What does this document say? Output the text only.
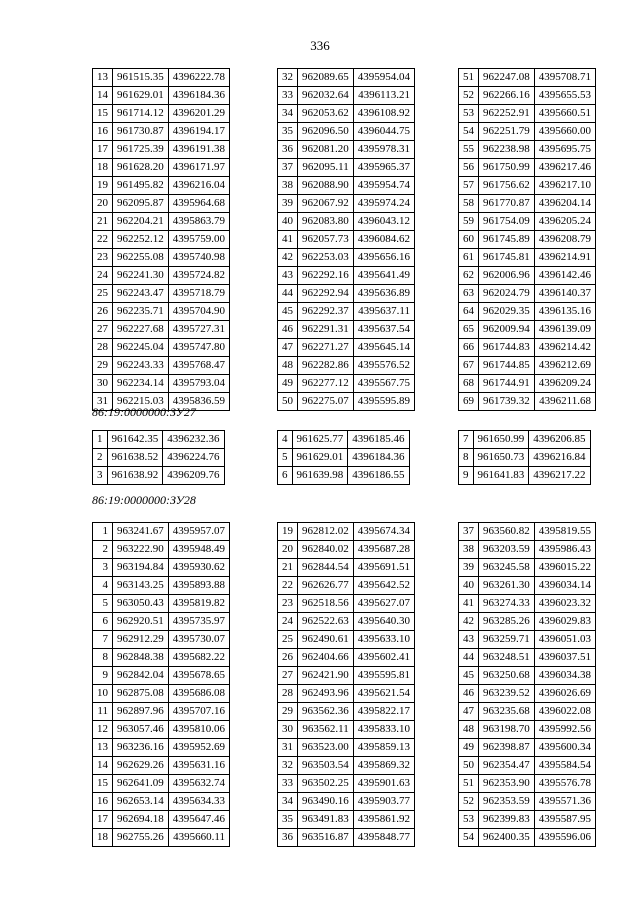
336
86:19:0000000:ЗУ27
86:19:0000000:ЗУ28
13	961515.35	4396222.78
14	961629.01	4396184.36
15	961714.12	4396201.29
16	961730.87	4396194.17
17	961725.39	4396191.38
18	961628.20	4396171.97
19	961495.82	4396216.04
20	962095.87	4395964.68
21	962204.21	4395863.79
22	962252.12	4395759.00
23	962255.08	4395740.98
24	962241.30	4395724.82
25	962243.47	4395718.79
26	962235.71	4395704.90
27	962227.68	4395727.31
28	962245.04	4395747.80
29	962243.33	4395768.47
30	962234.14	4395793.04
31	962215.03	4395836.59
32	962089.65	4395954.04
33	962032.64	4396113.21
34	962053.62	4396108.92
35	962096.50	4396044.75
36	962081.20	4395978.31
37	962095.11	4395965.37
38	962088.90	4395954.74
39	962067.92	4395974.24
40	962083.80	4396043.12
41	962057.73	4396084.62
42	962253.03	4395656.16
43	962292.16	4395641.49
44	962292.94	4395636.89
45	962292.37	4395637.11
46	962291.31	4395637.54
47	962271.27	4395645.14
48	962282.86	4395576.52
49	962277.12	4395567.75
50	962275.07	4395595.89
51	962247.08	4395708.71
52	962266.16	4395655.53
53	962252.91	4395660.51
54	962251.79	4395660.00
55	962238.98	4395695.75
56	961750.99	4396217.46
57	961756.62	4396217.10
58	961770.87	4396204.14
59	961754.09	4396205.24
60	961745.89	4396208.79
61	961745.81	4396214.91
62	962006.96	4396142.46
63	962024.79	4396140.37
64	962029.35	4396135.16
65	962009.94	4396139.09
66	961744.83	4396214.42
67	961744.85	4396212.69
68	961744.91	4396209.24
69	961739.32	4396211.68
1	961642.35	4396232.36
2	961638.52	4396224.76
3	961638.92	4396209.76
4	961625.77	4396185.46
5	961629.01	4396184.36
6	961639.98	4396186.55
7	961650.99	4396206.85
8	961650.73	4396216.84
9	961641.83	4396217.22
1	963241.67	4395957.07
2	963222.90	4395948.49
3	963194.84	4395930.62
4	963143.25	4395893.88
5	963050.43	4395819.82
6	962920.51	4395735.97
7	962912.29	4395730.07
8	962848.38	4395682.22
9	962842.04	4395678.65
10	962875.08	4395686.08
11	962897.96	4395707.16
12	963057.46	4395810.06
13	963236.16	4395952.69
14	962629.26	4395631.16
15	962641.09	4395632.74
16	962653.14	4395634.33
17	962694.18	4395647.46
18	962755.26	4395660.11
19	962812.02	4395674.34
20	962840.02	4395687.28
21	962844.54	4395691.51
22	962626.77	4395642.52
23	962518.56	4395627.07
24	962522.63	4395640.30
25	962490.61	4395633.10
26	962404.66	4395602.41
27	962421.90	4395595.81
28	962493.96	4395621.54
29	963562.36	4395822.17
30	963562.11	4395833.10
31	963523.00	4395859.13
32	963503.54	4395869.32
33	963502.25	4395901.63
34	963490.16	4395903.77
35	963491.83	4395861.92
36	963516.87	4395848.77
37	963560.82	4395819.55
38	963203.59	4395986.43
39	963245.58	4396015.22
40	963261.30	4396034.14
41	963274.33	4396023.32
42	963285.26	4396029.83
43	963259.71	4396051.03
44	963248.51	4396037.51
45	963250.68	4396034.38
46	963239.52	4396026.69
47	963235.68	4396022.08
48	963198.70	4395992.56
49	962398.87	4395600.34
50	962354.47	4395584.54
51	962353.90	4395576.78
52	962353.59	4395571.36
53	962399.83	4395587.95
54	962400.35	4395596.06
